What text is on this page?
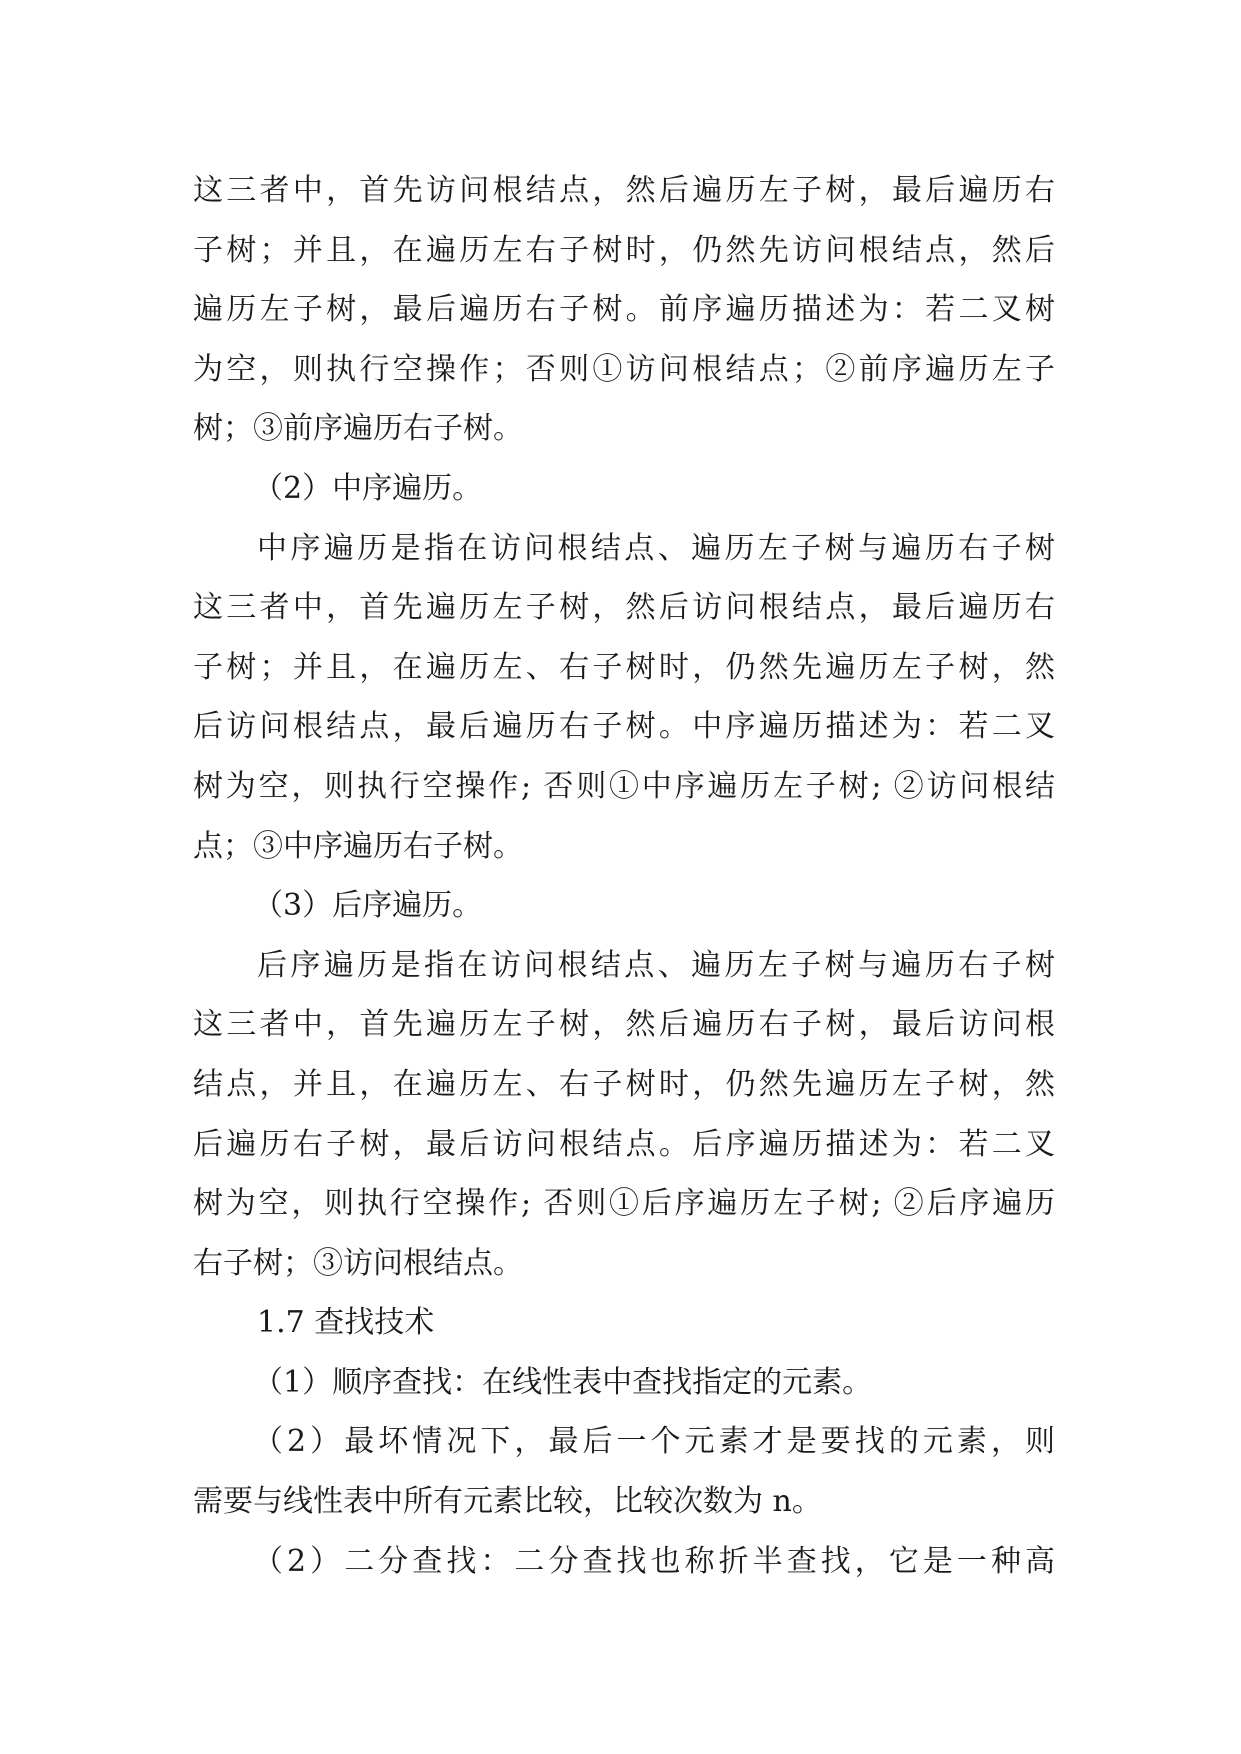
这三者中，首先访问根结点，然后遍历左子树，最后遍历右
子树；并且，在遍历左右子树时，仍然先访问根结点，然后
遍历左子树，最后遍历右子树。前序遍历描述为：若二叉树
为空，则执行空操作；否则①访问根结点；②前序遍历左子
树；③前序遍历右子树。
（2）中序遍历。
中序遍历是指在访问根结点、遍历左子树与遍历右子树
这三者中，首先遍历左子树，然后访问根结点，最后遍历右
子树；并且，在遍历左、右子树时，仍然先遍历左子树，然
后访问根结点，最后遍历右子树。中序遍历描述为：若二叉
树为空，则执行空操作; 否则①中序遍历左子树; ②访问根结
点；③中序遍历右子树。
（3）后序遍历。
后序遍历是指在访问根结点、遍历左子树与遍历右子树
这三者中，首先遍历左子树，然后遍历右子树，最后访问根
结点，并且，在遍历左、右子树时，仍然先遍历左子树，然
后遍历右子树，最后访问根结点。后序遍历描述为：若二叉
树为空，则执行空操作; 否则①后序遍历左子树; ②后序遍历
右子树；③访问根结点。
1.7 查找技术
（1）顺序查找：在线性表中查找指定的元素。
（2）最坏情况下，最后一个元素才是要找的元素，则
需要与线性表中所有元素比较，比较次数为 n。
（2）二分查找：二分查找也称折半查找，它是一种高
